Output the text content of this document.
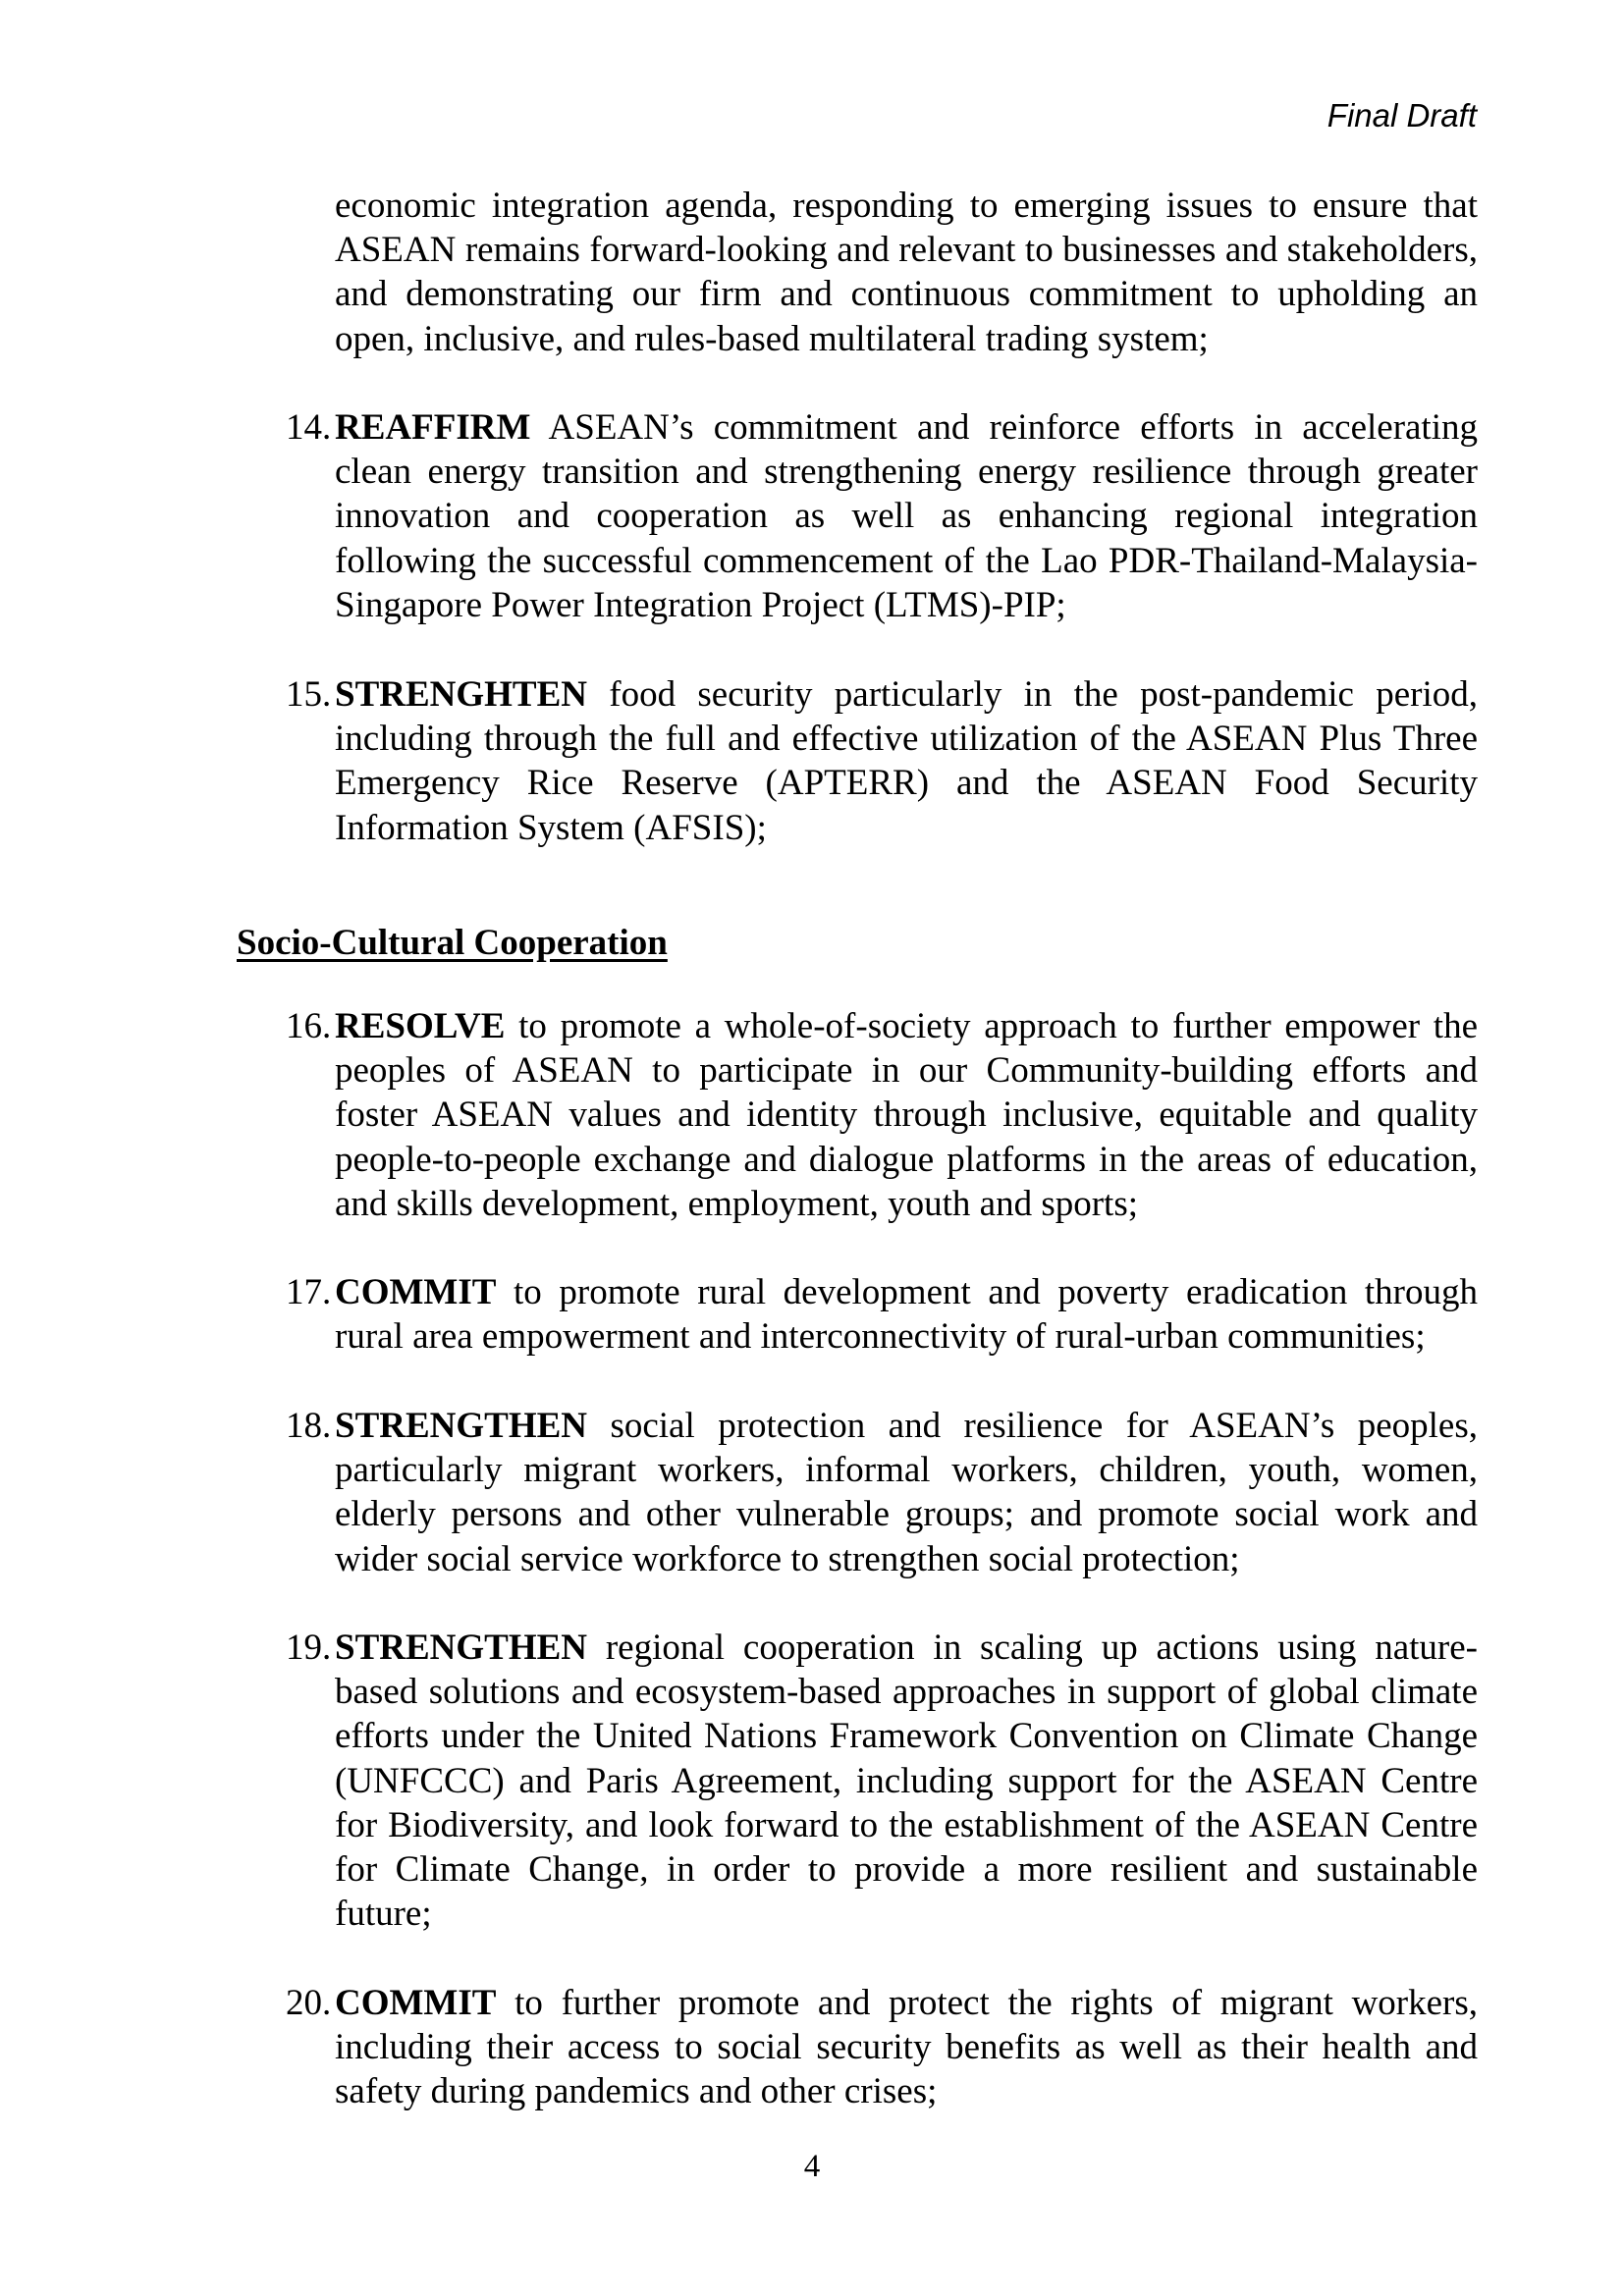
Final Draft
economic integration agenda, responding to emerging issues to ensure that ASEAN remains forward-looking and relevant to businesses and stakeholders, and demonstrating our firm and continuous commitment to upholding an open, inclusive, and rules-based multilateral trading system;
14. REAFFIRM ASEAN’s commitment and reinforce efforts in accelerating clean energy transition and strengthening energy resilience through greater innovation and cooperation as well as enhancing regional integration following the successful commencement of the Lao PDR-Thailand-Malaysia-Singapore Power Integration Project (LTMS)-PIP;
15. STRENGHTEN food security particularly in the post-pandemic period, including through the full and effective utilization of the ASEAN Plus Three Emergency Rice Reserve (APTERR) and the ASEAN Food Security Information System (AFSIS);
Socio-Cultural Cooperation
16.
RESOLVE to promote a whole-of-society approach to further empower the peoples of ASEAN to participate in our Community-building efforts and foster ASEAN values and identity through inclusive, equitable and quality people-to-people exchange and dialogue platforms in the areas of education, and skills development, employment, youth and sports;
17. COMMIT to promote rural development and poverty eradication through rural area empowerment and interconnectivity of rural-urban communities;
18.
STRENGTHEN social protection and resilience for ASEAN’s peoples, particularly migrant workers, informal workers, children, youth, women, elderly persons and other vulnerable groups; and promote social work and wider social service workforce to strengthen social protection;
19. STRENGTHEN regional cooperation in scaling up actions using nature-based solutions and ecosystem-based approaches in support of global climate efforts under the United Nations Framework Convention on Climate Change (UNFCCC) and Paris Agreement, including support for the ASEAN Centre for Biodiversity, and look forward to the establishment of the ASEAN Centre for Climate Change, in order to provide a more resilient and sustainable future;
20. COMMIT to further promote and protect the rights of migrant workers, including their access to social security benefits as well as their health and safety during pandemics and other crises;
4
